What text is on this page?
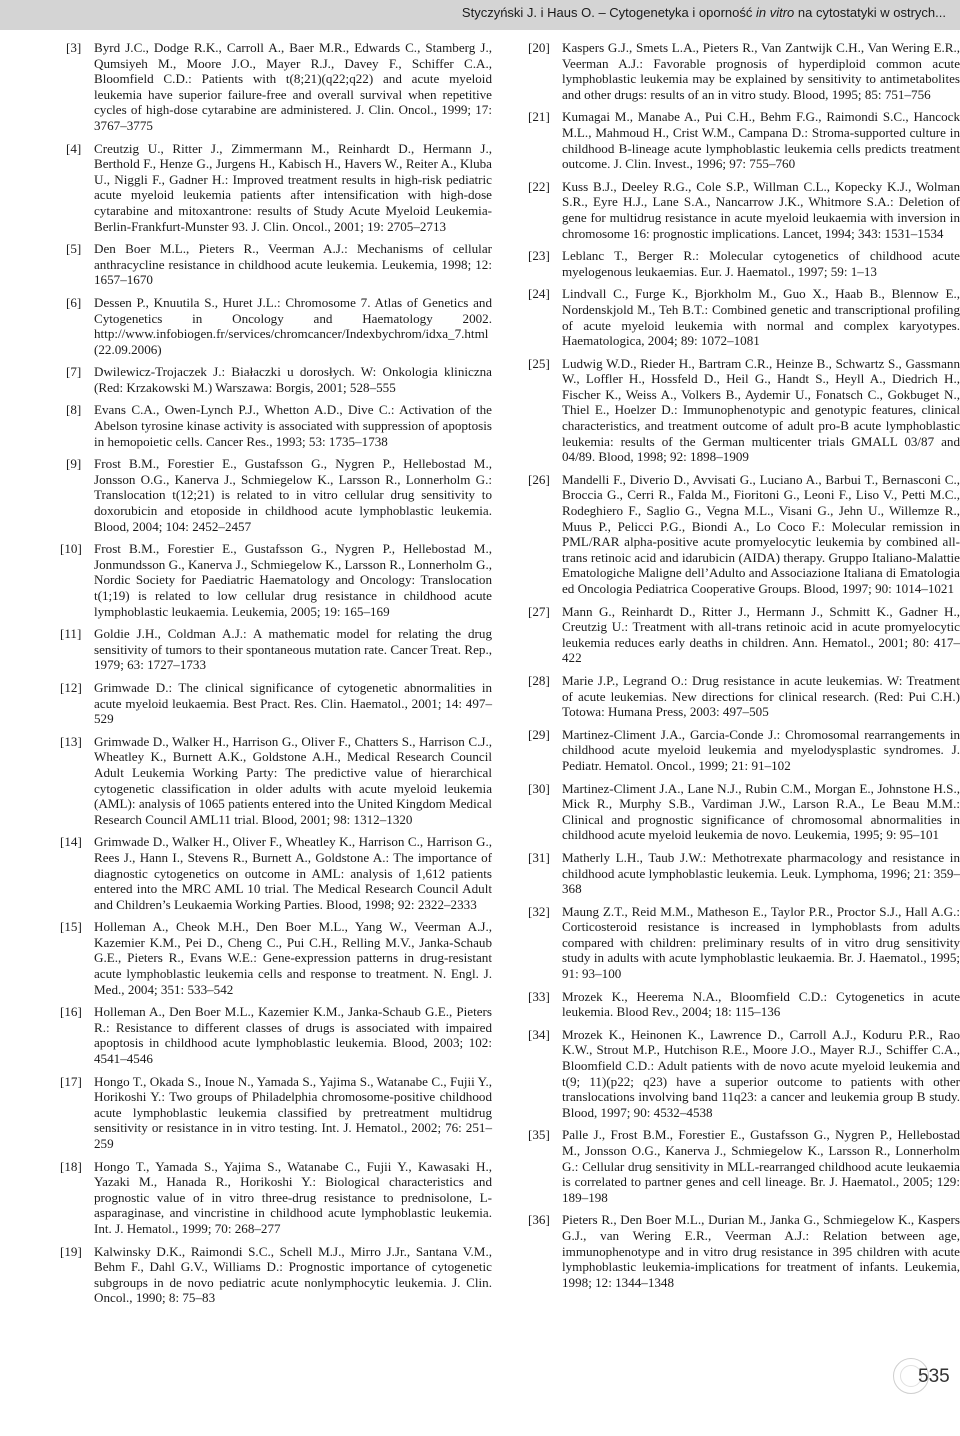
Styczyński J. i Haus O. – Cytogenetyka i oporność in vitro na cytostatyki w ostrych...
[3] Byrd J.C., Dodge R.K., Carroll A., Baer M.R., Edwards C., Stamberg J., Qumsiyeh M., Moore J.O., Mayer R.J., Davey F., Schiffer C.A., Bloomfield C.D.: Patients with t(8;21)(q22;q22) and acute myeloid leukemia have superior failure-free and overall survival when repetitive cycles of high-dose cytarabine are administered. J. Clin. Oncol., 1999; 17: 3767–3775
[4] Creutzig U., Ritter J., Zimmermann M., Reinhardt D., Hermann J., Berthold F., Henze G., Jurgens H., Kabisch H., Havers W., Reiter A., Kluba U., Niggli F., Gadner H.: Improved treatment results in high-risk pediatric acute myeloid leukemia patients after intensification with high-dose cytarabine and mitoxantrone: results of Study Acute Myeloid Leukemia-Berlin-Frankfurt-Munster 93. J. Clin. Oncol., 2001; 19: 2705–2713
[5] Den Boer M.L., Pieters R., Veerman A.J.: Mechanisms of cellular anthracycline resistance in childhood acute leukemia. Leukemia, 1998; 12: 1657–1670
[6] Dessen P., Knuutila S., Huret J.L.: Chromosome 7. Atlas of Genetics and Cytogenetics in Oncology and Haematology 2002. http://www.infobiogen.fr/services/chromcancer/Indexbychrom/idxa_7.html (22.09.2006)
[7] Dwilewicz-Trojaczek J.: Białaczki u dorosłych. W: Onkologia kliniczna (Red: Krzakowski M.) Warszawa: Borgis, 2001; 528–555
[8] Evans C.A., Owen-Lynch P.J., Whetton A.D., Dive C.: Activation of the Abelson tyrosine kinase activity is associated with suppression of apoptosis in hemopoietic cells. Cancer Res., 1993; 53: 1735–1738
[9] Frost B.M., Forestier E., Gustafsson G., Nygren P., Hellebostad M., Jonsson O.G., Kanerva J., Schmiegelow K., Larsson R., Lonnerholm G.: Translocation t(12;21) is related to in vitro cellular drug sensitivity to doxorubicin and etoposide in childhood acute lymphoblastic leukemia. Blood, 2004; 104: 2452–2457
[10] Frost B.M., Forestier E., Gustafsson G., Nygren P., Hellebostad M., Jonmundsson G., Kanerva J., Schmiegelow K., Larsson R., Lonnerholm G., Nordic Society for Paediatric Haematology and Oncology: Translocation t(1;19) is related to low cellular drug resistance in childhood acute lymphoblastic leukaemia. Leukemia, 2005; 19: 165–169
[11] Goldie J.H., Coldman A.J.: A mathematic model for relating the drug sensitivity of tumors to their spontaneous mutation rate. Cancer Treat. Rep., 1979; 63: 1727–1733
[12] Grimwade D.: The clinical significance of cytogenetic abnormalities in acute myeloid leukaemia. Best Pract. Res. Clin. Haematol., 2001; 14: 497–529
[13] Grimwade D., Walker H., Harrison G., Oliver F., Chatters S., Harrison C.J., Wheatley K., Burnett A.K., Goldstone A.H., Medical Research Council Adult Leukemia Working Party: The predictive value of hierarchical cytogenetic classification in older adults with acute myeloid leukemia (AML): analysis of 1065 patients entered into the United Kingdom Medical Research Council AML11 trial. Blood, 2001; 98: 1312–1320
[14] Grimwade D., Walker H., Oliver F., Wheatley K., Harrison C., Harrison G., Rees J., Hann I., Stevens R., Burnett A., Goldstone A.: The importance of diagnostic cytogenetics on outcome in AML: analysis of 1,612 patients entered into the MRC AML 10 trial. The Medical Research Council Adult and Children’s Leukaemia Working Parties. Blood, 1998; 92: 2322–2333
[15] Holleman A., Cheok M.H., Den Boer M.L., Yang W., Veerman A.J., Kazemier K.M., Pei D., Cheng C., Pui C.H., Relling M.V., Janka-Schaub G.E., Pieters R., Evans W.E.: Gene-expression patterns in drug-resistant acute lymphoblastic leukemia cells and response to treatment. N. Engl. J. Med., 2004; 351: 533–542
[16] Holleman A., Den Boer M.L., Kazemier K.M., Janka-Schaub G.E., Pieters R.: Resistance to different classes of drugs is associated with impaired apoptosis in childhood acute lymphoblastic leukemia. Blood, 2003; 102: 4541–4546
[17] Hongo T., Okada S., Inoue N., Yamada S., Yajima S., Watanabe C., Fujii Y., Horikoshi Y.: Two groups of Philadelphia chromosome-positive childhood acute lymphoblastic leukemia classified by pretreatment multidrug sensitivity or resistance in in vitro testing. Int. J. Hematol., 2002; 76: 251–259
[18] Hongo T., Yamada S., Yajima S., Watanabe C., Fujii Y., Kawasaki H., Yazaki M., Hanada R., Horikoshi Y.: Biological characteristics and prognostic value of in vitro three-drug resistance to prednisolone, L-asparaginase, and vincristine in childhood acute lymphoblastic leukemia. Int. J. Hematol., 1999; 70: 268–277
[19] Kalwinsky D.K., Raimondi S.C., Schell M.J., Mirro J.Jr., Santana V.M., Behm F., Dahl G.V., Williams D.: Prognostic importance of cytogenetic subgroups in de novo pediatric acute nonlymphocytic leukemia. J. Clin. Oncol., 1990; 8: 75–83
[20] Kaspers G.J., Smets L.A., Pieters R., Van Zantwijk C.H., Van Wering E.R., Veerman A.J.: Favorable prognosis of hyperdiploid common acute lymphoblastic leukemia may be explained by sensitivity to antimetabolites and other drugs: results of an in vitro study. Blood, 1995; 85: 751–756
[21] Kumagai M., Manabe A., Pui C.H., Behm F.G., Raimondi S.C., Hancock M.L., Mahmoud H., Crist W.M., Campana D.: Stroma-supported culture in childhood B-lineage acute lymphoblastic leukemia cells predicts treatment outcome. J. Clin. Invest., 1996; 97: 755–760
[22] Kuss B.J., Deeley R.G., Cole S.P., Willman C.L., Kopecky K.J., Wolman S.R., Eyre H.J., Lane S.A., Nancarrow J.K., Whitmore S.A.: Deletion of gene for multidrug resistance in acute myeloid leukaemia with inversion in chromosome 16: prognostic implications. Lancet, 1994; 343: 1531–1534
[23] Leblanc T., Berger R.: Molecular cytogenetics of childhood acute myelogenous leukaemias. Eur. J. Haematol., 1997; 59: 1–13
[24] Lindvall C., Furge K., Bjorkholm M., Guo X., Haab B., Blennow E., Nordenskjold M., Teh B.T.: Combined genetic and transcriptional profiling of acute myeloid leukemia with normal and complex karyotypes. Haematologica, 2004; 89: 1072–1081
[25] Ludwig W.D., Rieder H., Bartram C.R., Heinze B., Schwartz S., Gassmann W., Loffler H., Hossfeld D., Heil G., Handt S., Heyll A., Diedrich H., Fischer K., Weiss A., Volkers B., Aydemir U., Fonatsch C., Gokbuget N., Thiel E., Hoelzer D.: Immunophenotypic and genotypic features, clinical characteristics, and treatment outcome of adult pro-B acute lymphoblastic leukemia: results of the German multicenter trials GMALL 03/87 and 04/89. Blood, 1998; 92: 1898–1909
[26] Mandelli F., Diverio D., Avvisati G., Luciano A., Barbui T., Bernasconi C., Broccia G., Cerri R., Falda M., Fioritoni G., Leoni F., Liso V., Petti M.C., Rodeghiero F., Saglio G., Vegna M.L., Visani G., Jehn U., Willemze R., Muus P., Pelicci P.G., Biondi A., Lo Coco F.: Molecular remission in PML/RAR alpha-positive acute promyelocytic leukemia by combined all-trans retinoic acid and idarubicin (AIDA) therapy. Gruppo Italiano-Malattie Ematologiche Maligne dell’Adulto and Associazione Italiana di Ematologia ed Oncologia Pediatrica Cooperative Groups. Blood, 1997; 90: 1014–1021
[27] Mann G., Reinhardt D., Ritter J., Hermann J., Schmitt K., Gadner H., Creutzig U.: Treatment with all-trans retinoic acid in acute promyelocytic leukemia reduces early deaths in children. Ann. Hematol., 2001; 80: 417–422
[28] Marie J.P., Legrand O.: Drug resistance in acute leukemias. W: Treatment of acute leukemias. New directions for clinical research. (Red: Pui C.H.) Totowa: Humana Press, 2003: 497–505
[29] Martinez-Climent J.A., Garcia-Conde J.: Chromosomal rearrangements in childhood acute myeloid leukemia and myelodysplastic syndromes. J. Pediatr. Hematol. Oncol., 1999; 21: 91–102
[30] Martinez-Climent J.A., Lane N.J., Rubin C.M., Morgan E., Johnstone H.S., Mick R., Murphy S.B., Vardiman J.W., Larson R.A., Le Beau M.M.: Clinical and prognostic significance of chromosomal abnormalities in childhood acute myeloid leukemia de novo. Leukemia, 1995; 9: 95–101
[31] Matherly L.H., Taub J.W.: Methotrexate pharmacology and resistance in childhood acute lymphoblastic leukemia. Leuk. Lymphoma, 1996; 21: 359–368
[32] Maung Z.T., Reid M.M., Matheson E., Taylor P.R., Proctor S.J., Hall A.G.: Corticosteroid resistance is increased in lymphoblasts from adults compared with children: preliminary results of in vitro drug sensitivity study in adults with acute lymphoblastic leukaemia. Br. J. Haematol., 1995; 91: 93–100
[33] Mrozek K., Heerema N.A., Bloomfield C.D.: Cytogenetics in acute leukemia. Blood Rev., 2004; 18: 115–136
[34] Mrozek K., Heinonen K., Lawrence D., Carroll A.J., Koduru P.R., Rao K.W., Strout M.P., Hutchison R.E., Moore J.O., Mayer R.J., Schiffer C.A., Bloomfield C.D.: Adult patients with de novo acute myeloid leukemia and t(9; 11)(p22; q23) have a superior outcome to patients with other translocations involving band 11q23: a cancer and leukemia group B study. Blood, 1997; 90: 4532–4538
[35] Palle J., Frost B.M., Forestier E., Gustafsson G., Nygren P., Hellebostad M., Jonsson O.G., Kanerva J., Schmiegelow K., Larsson R., Lonnerholm G.: Cellular drug sensitivity in MLL-rearranged childhood acute leukaemia is correlated to partner genes and cell lineage. Br. J. Haematol., 2005; 129: 189–198
[36] Pieters R., Den Boer M.L., Durian M., Janka G., Schmiegelow K., Kaspers G.J., van Wering E.R., Veerman A.J.: Relation between age, immunophenotype and in vitro drug resistance in 395 children with acute lymphoblastic leukemia-implications for treatment of infants. Leukemia, 1998; 12: 1344–1348
535
